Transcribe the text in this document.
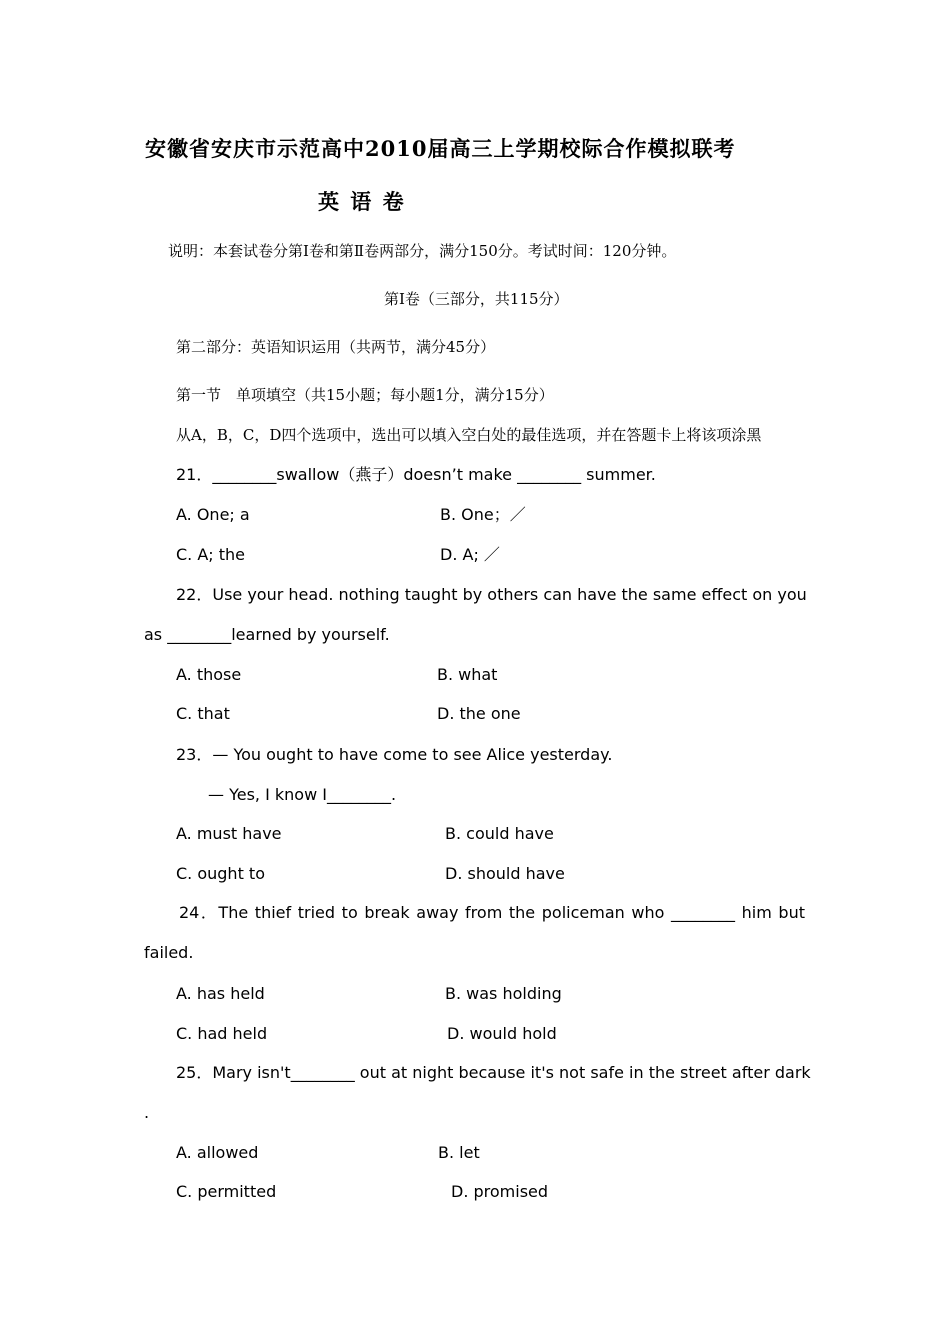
安徽省安庆市示范高中2010届高三上学期校际合作模拟联考
英 语 卷
说明：本套试卷分第Ⅰ卷和第Ⅱ卷两部分，满分150分。考试时间：120分钟。
第Ⅰ卷（三部分，共115分）
第二部分：英语知识运用（共两节，满分45分）
第一节　单项填空（共15小题；每小题1分，满分15分）
从A，B，C，D四个选项中，选出可以填入空白处的最佳选项，并在答题卡上将该项涂黑
21．________swallow（燕子）doesn’t make ________ summer.
A. One; a	B. One；／
C. A; the	D. A; ／
22．Use your head. nothing taught by others can have the same effect on you
as ________learned by yourself.
A. those	B. what
C. that	D. the one
23．— You ought to have come to see Alice yesterday.
— Yes, I know I________.
A. must have	B. could have
C. ought to	D. should have
24．The thief tried to break away from the policeman who ________ him but
failed.
A. has held	B. was holding
C. had held	D. would hold
25．Mary isn't________ out at night because it's not safe in the street after dark
.
A. allowed	B. let
C. permitted	D. promised
